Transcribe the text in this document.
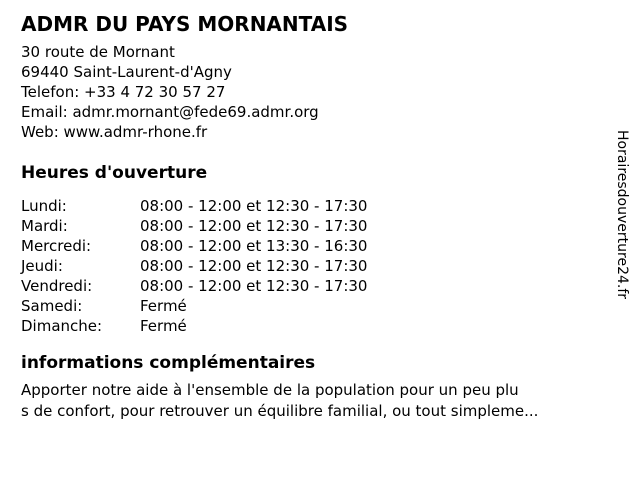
ADMR DU PAYS MORNANTAIS
30 route de Mornant
69440 Saint-Laurent-d'Agny
Telefon: +33 4 72 30 57 27
Email: admr.mornant@fede69.admr.org
Web: www.admr-rhone.fr
Heures d'ouverture
Lundi:	08:00 - 12:00 et 12:30 - 17:30
Mardi:	08:00 - 12:00 et 12:30 - 17:30
Mercredi:	08:00 - 12:00 et 13:30 - 16:30
Jeudi:	08:00 - 12:00 et 12:30 - 17:30
Vendredi:	08:00 - 12:00 et 12:30 - 17:30
Samedi:	Fermé
Dimanche:	Fermé
informations complémentaires
Apporter notre aide à l'ensemble de la population pour un peu plu
s de confort, pour retrouver un équilibre familial, ou tout simpleme...
Horairesdouverture24.fr
